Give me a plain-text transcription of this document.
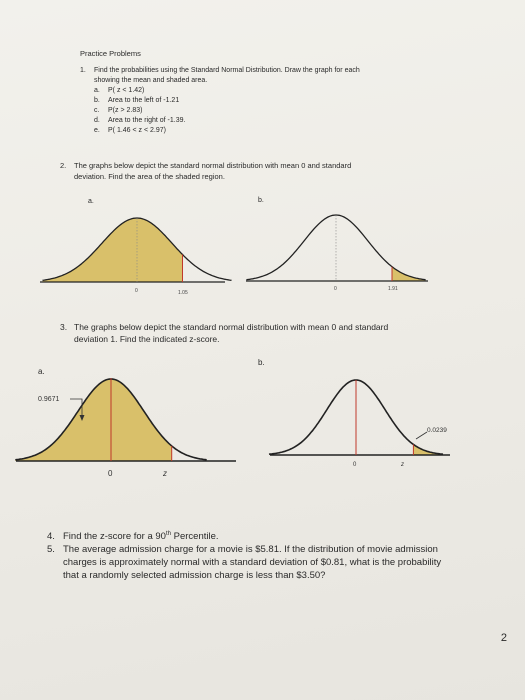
Practice Problems
1. Find the probabilities using the Standard Normal Distribution. Draw the graph for each
showing the mean and shaded area.
a. P( z < 1.42)
b. Area to the left of -1.21
c. P(z > 2.83)
d. Area to the right of -1.39.
e. P( 1.46 < z < 2.97)
2. The graphs below depict the standard normal distribution with mean 0 and standard
deviation. Find the area of the shaded region.
a.	b.
0	1.05
0	1.91
3. The graphs below depict the standard normal distribution with mean 0 and standard
deviation 1. Find the indicated z-score.
a.
b.
0.9671
0	z
0.0239
0	z
4. Find the z-score for a 90th Percentile.
5. The average admission charge for a movie is $5.81. If the distribution of movie admission
charges is approximately normal with a standard deviation of $0.81, what is the probability
that a randomly selected admission charge is less than $3.50?
2
